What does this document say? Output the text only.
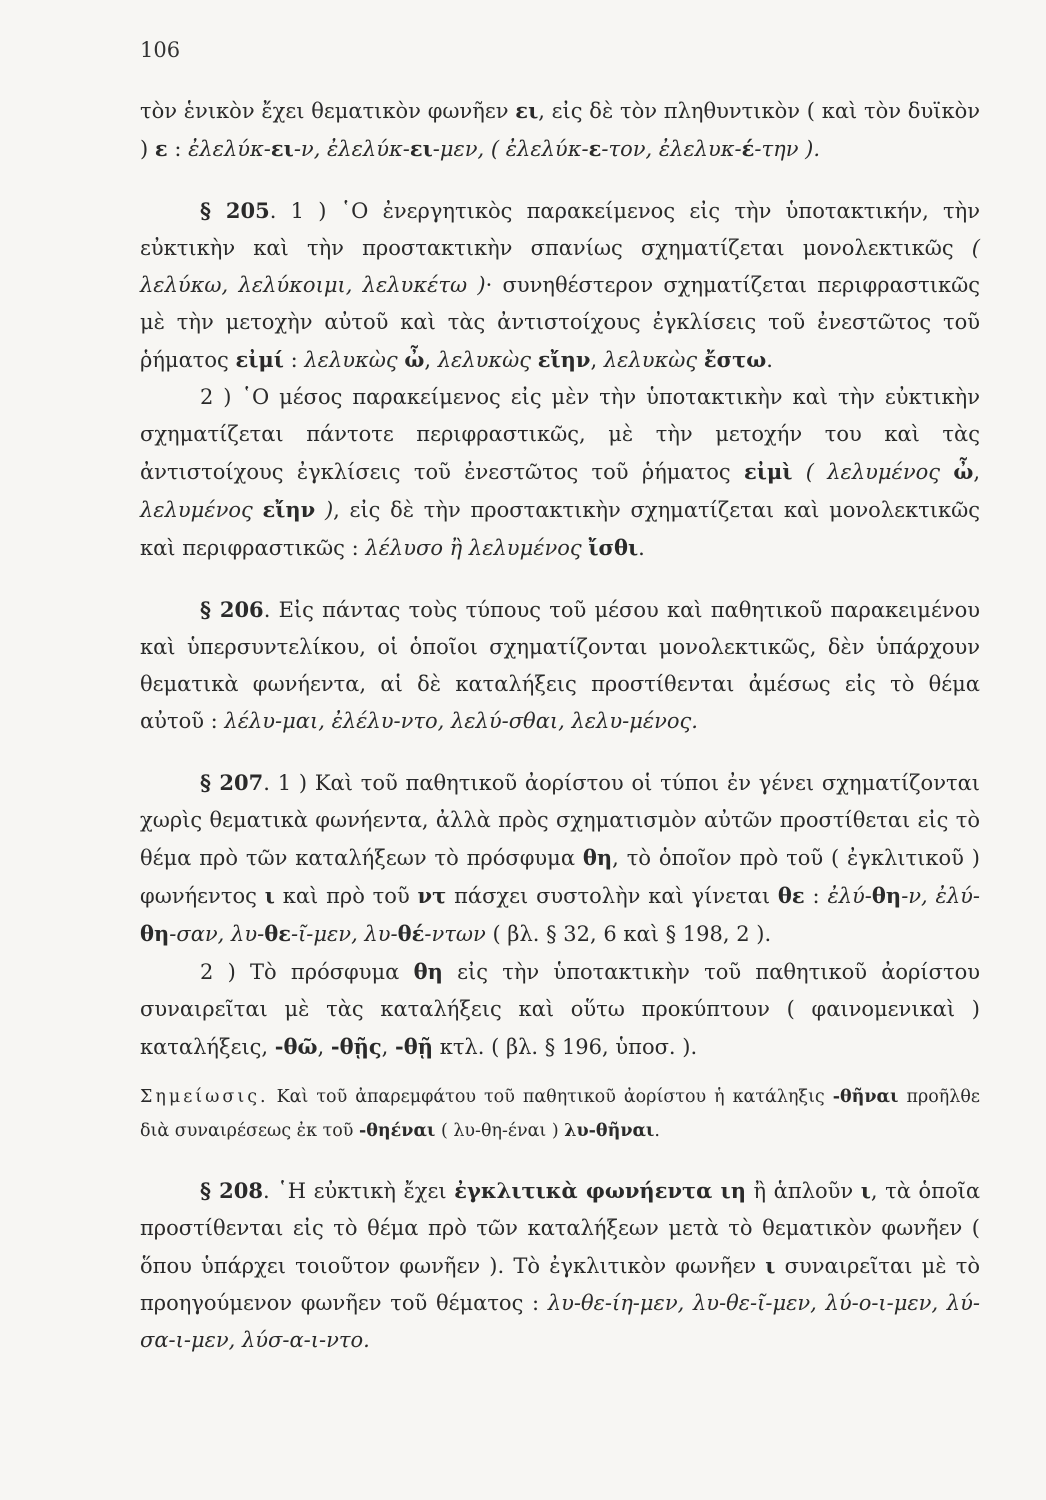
106

τὸν ἑνικὸν ἔχει θεματικὸν φωνῆεν ει, εἰς δὲ τὸν πληθυντικὸν ( καὶ τὸν δυϊκὸν ) ε : ἐλελύκ-ει-ν, ἐλελύκ-ει-μεν, ( ἐλελύκ-ε-τον, ἐλελυκ-έ-την ).

§ 205. 1 ) ῾Ο ἐνεργητικὸς παρακείμενος εἰς τὴν ὑποτακτικήν, τὴν εὐκτικὴν καὶ τὴν προστακτικὴν σπανίως σχηματίζεται μονολεκτικῶς ( λελύκω, λελύκοιμι, λελυκέτω )· συνηθέστερον σχηματίζεται περιφραστικῶς μὲ τὴν μετοχὴν αὐτοῦ καὶ τὰς ἀντιστοίχους ἐγκλίσεις τοῦ ἐνεστῶτος τοῦ ῥήματος εἰμί : λελυκὼς ὦ, λελυκὼς εἴην, λελυκὼς ἔστω.

2 ) ῾Ο μέσος παρακείμενος εἰς μὲν τὴν ὑποτακτικὴν καὶ τὴν εὐκτικὴν σχηματίζεται πάντοτε περιφραστικῶς, μὲ τὴν μετοχήν του καὶ τὰς ἀντιστοίχους ἐγκλίσεις τοῦ ἐνεστῶτος τοῦ ῥήματος εἰμὶ ( λελυμένος ὦ, λελυμένος εἴην ), εἰς δὲ τὴν προστακτικὴν σχηματίζεται καὶ μονολεκτικῶς καὶ περιφραστικῶς : λέλυσο ἢ λελυμένος ἴσθι.

§ 206. Εἰς πάντας τοὺς τύπους τοῦ μέσου καὶ παθητικοῦ παρακειμένου καὶ ὑπερσυντελίκου, οἱ ὁποῖοι σχηματίζονται μονολεκτικῶς, δὲν ὑπάρχουν θεματικὰ φωνήεντα, αἱ δὲ καταλήξεις προστίθενται ἀμέσως εἰς τὸ θέμα αὐτοῦ : λέλυ-μαι, ἐλέλυ-ντο, λελύ-σθαι, λελυ-μένος.

§ 207. 1 ) Καὶ τοῦ παθητικοῦ ἀορίστου οἱ τύποι ἐν γένει σχηματίζονται χωρὶς θεματικὰ φωνήεντα, ἀλλὰ πρὸς σχηματισμὸν αὐτῶν προστίθεται εἰς τὸ θέμα πρὸ τῶν καταλήξεων τὸ πρόσφυμα θη, τὸ ὁποῖον πρὸ τοῦ ( ἐγκλιτικοῦ ) φωνήεντος ι καὶ πρὸ τοῦ ντ πάσχει συστολὴν καὶ γίνεται θε : ἐλύ-θη-ν, ἐλύ-θη-σαν, λυ-θε-ῖ-μεν, λυ-θέ-ντων ( βλ. § 32, 6 καὶ § 198, 2 ).

2 ) Τὸ πρόσφυμα θη εἰς τὴν ὑποτακτικὴν τοῦ παθητικοῦ ἀορίστου συναιρεῖται μὲ τὰς καταλήξεις καὶ οὕτω προκύπτουν ( φαινομενικαὶ ) καταλήξεις, -θῶ, -θῇς, -θῇ κτλ. ( βλ. § 196, ὑποσ. ).

Σημείωσις. Καὶ τοῦ ἀπαρεμφάτου τοῦ παθητικοῦ ἀορίστου ἡ κατάληξις -θῆναι προῆλθε διὰ συναιρέσεως ἐκ τοῦ -θηέναι ( λυ-θη-έναι ) λυ-θῆναι.

§ 208. ῾Η εὐκτικὴ ἔχει ἐγκλιτικὰ φωνήεντα ιη ἢ ἁπλοῦν ι, τὰ ὁποῖα προστίθενται εἰς τὸ θέμα πρὸ τῶν καταλήξεων μετὰ τὸ θεματικὸν φωνῆεν ( ὅπου ὑπάρχει τοιοῦτον φωνῆεν ). Τὸ ἐγκλιτικὸν φωνῆεν ι συναιρεῖται μὲ τὸ προηγούμενον φωνῆεν τοῦ θέματος : λυ-θε-ίη-μεν, λυ-θε-ῖ-μεν, λύ-ο-ι-μεν, λύ-σα-ι-μεν, λύσ-α-ι-ντο.
